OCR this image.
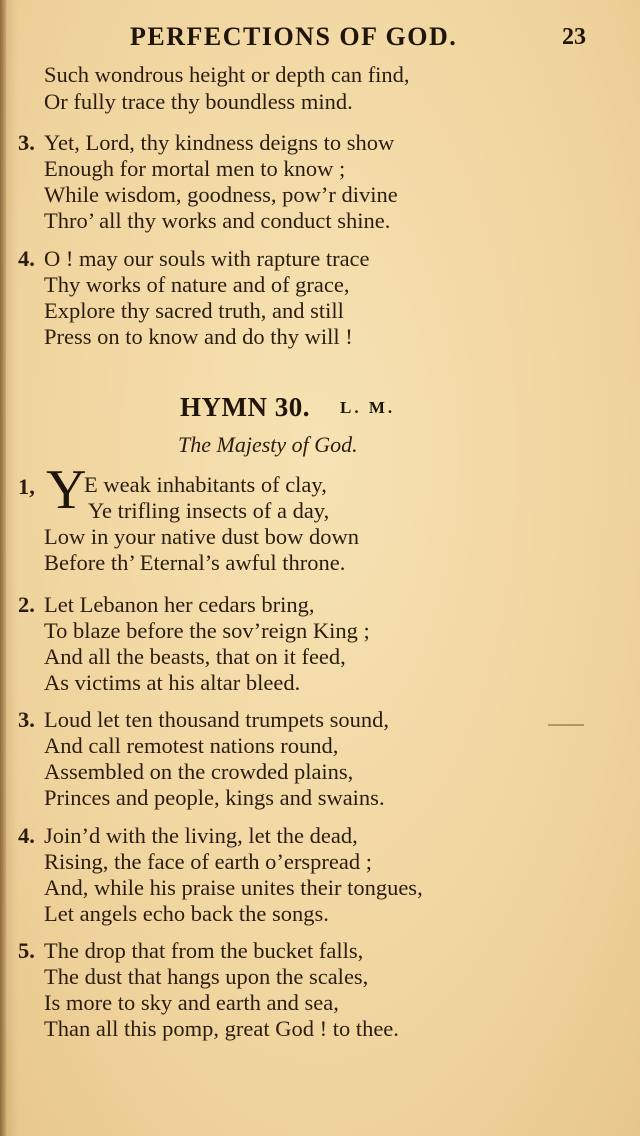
PERFECTIONS OF GOD.	23
Such wondrous height or depth can find,
Or fully trace thy boundless mind.
3. Yet, Lord, thy kindness deigns to show
Enough for mortal men to know ;
While wisdom, goodness, pow’r divine
Thro’ all thy works and conduct shine.
4. O ! may our souls with rapture trace
Thy works of nature and of grace,
Explore thy sacred truth, and still
Press on to know and do thy will !
HYMN 30. L. M.
The Majesty of God.
1, Y
E weak inhabitants of clay,
Ye trifling insects of a day,
Low in your native dust bow down
Before th’ Eternal’s awful throne.
2. Let Lebanon her cedars bring,
To blaze before the sov’reign King ;
And all the beasts, that on it feed,
As victims at his altar bleed.
3. Loud let ten thousand trumpets sound,
And call remotest nations round,
Assembled on the crowded plains,
Princes and people, kings and swains.
4. Join’d with the living, let the dead,
Rising, the face of earth o’erspread ;
And, while his praise unites their tongues,
Let angels echo back the songs.
5. The drop that from the bucket falls,
The dust that hangs upon the scales,
Is more to sky and earth and sea,
Than all this pomp, great God ! to thee.
